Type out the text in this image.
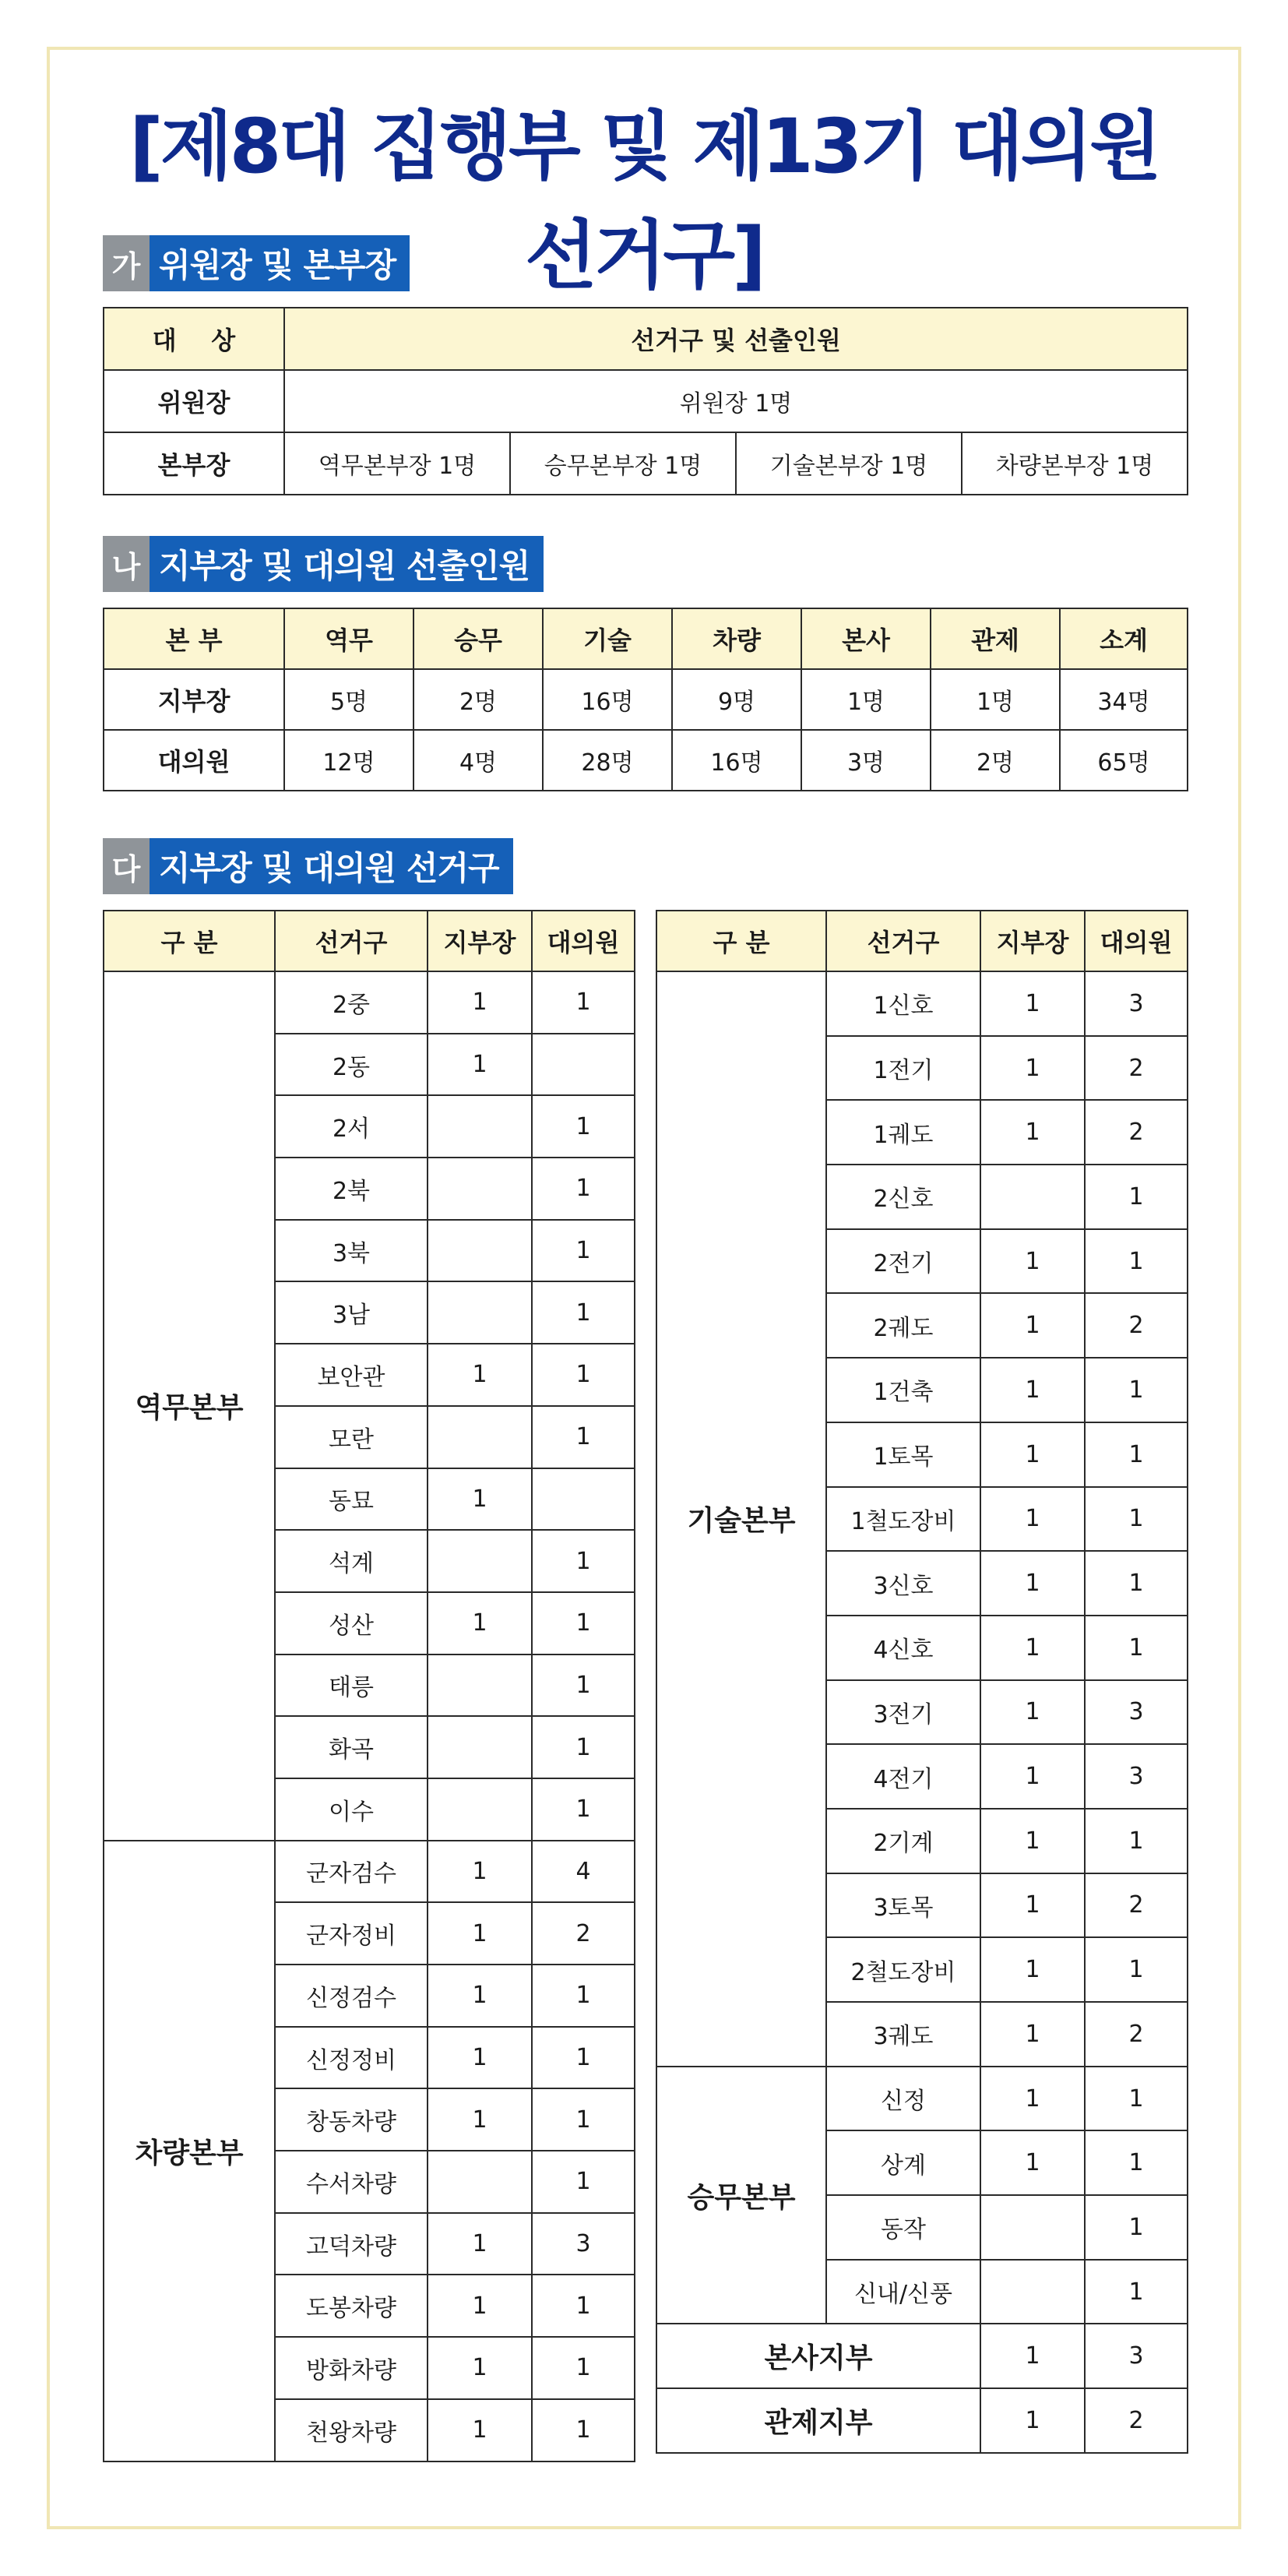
[제8대 집행부 및 제13기 대의원 선거구]
가 위원장 및 본부장
대    상	선거구 및 선출인원			
위원장	위원장 1명			
본부장	역무본부장 1명	승무본부장 1명	기술본부장 1명	차량본부장 1명
나 지부장 및 대의원 선출인원
본 부	역무	승무	기술	차량	본사	관제	소계
지부장	5명	2명	16명	9명	1명	1명	34명
대의원	12명	4명	28명	16명	3명	2명	65명
다 지부장 및 대의원 선거구
구 분	선거구	지부장	대의원
역무본부	2중	1	1
	2동	1	
	2서		1
	2북		1
	3북		1
	3남		1
	보안관	1	1
	모란		1
	동묘	1	
	석계		1
	성산	1	1
	태릉		1
	화곡		1
	이수		1
차량본부	군자검수	1	4
	군자정비	1	2
	신정검수	1	1
	신정정비	1	1
	창동차량	1	1
	수서차량		1
	고덕차량	1	3
	도봉차량	1	1
	방화차량	1	1
	천왕차량	1	1
구 분	선거구	지부장	대의원
기술본부	1신호	1	3
	1전기	1	2
	1궤도	1	2
	2신호		1
	2전기	1	1
	2궤도	1	2
	1건축	1	1
	1토목	1	1
	1철도장비	1	1
	3신호	1	1
	4신호	1	1
	3전기	1	3
	4전기	1	3
	2기계	1	1
	3토목	1	2
	2철도장비	1	1
	3궤도	1	2
승무본부	신정	1	1
	상계	1	1
	동작		1
	신내/신풍		1
본사지부		1	3
관제지부		1	2
